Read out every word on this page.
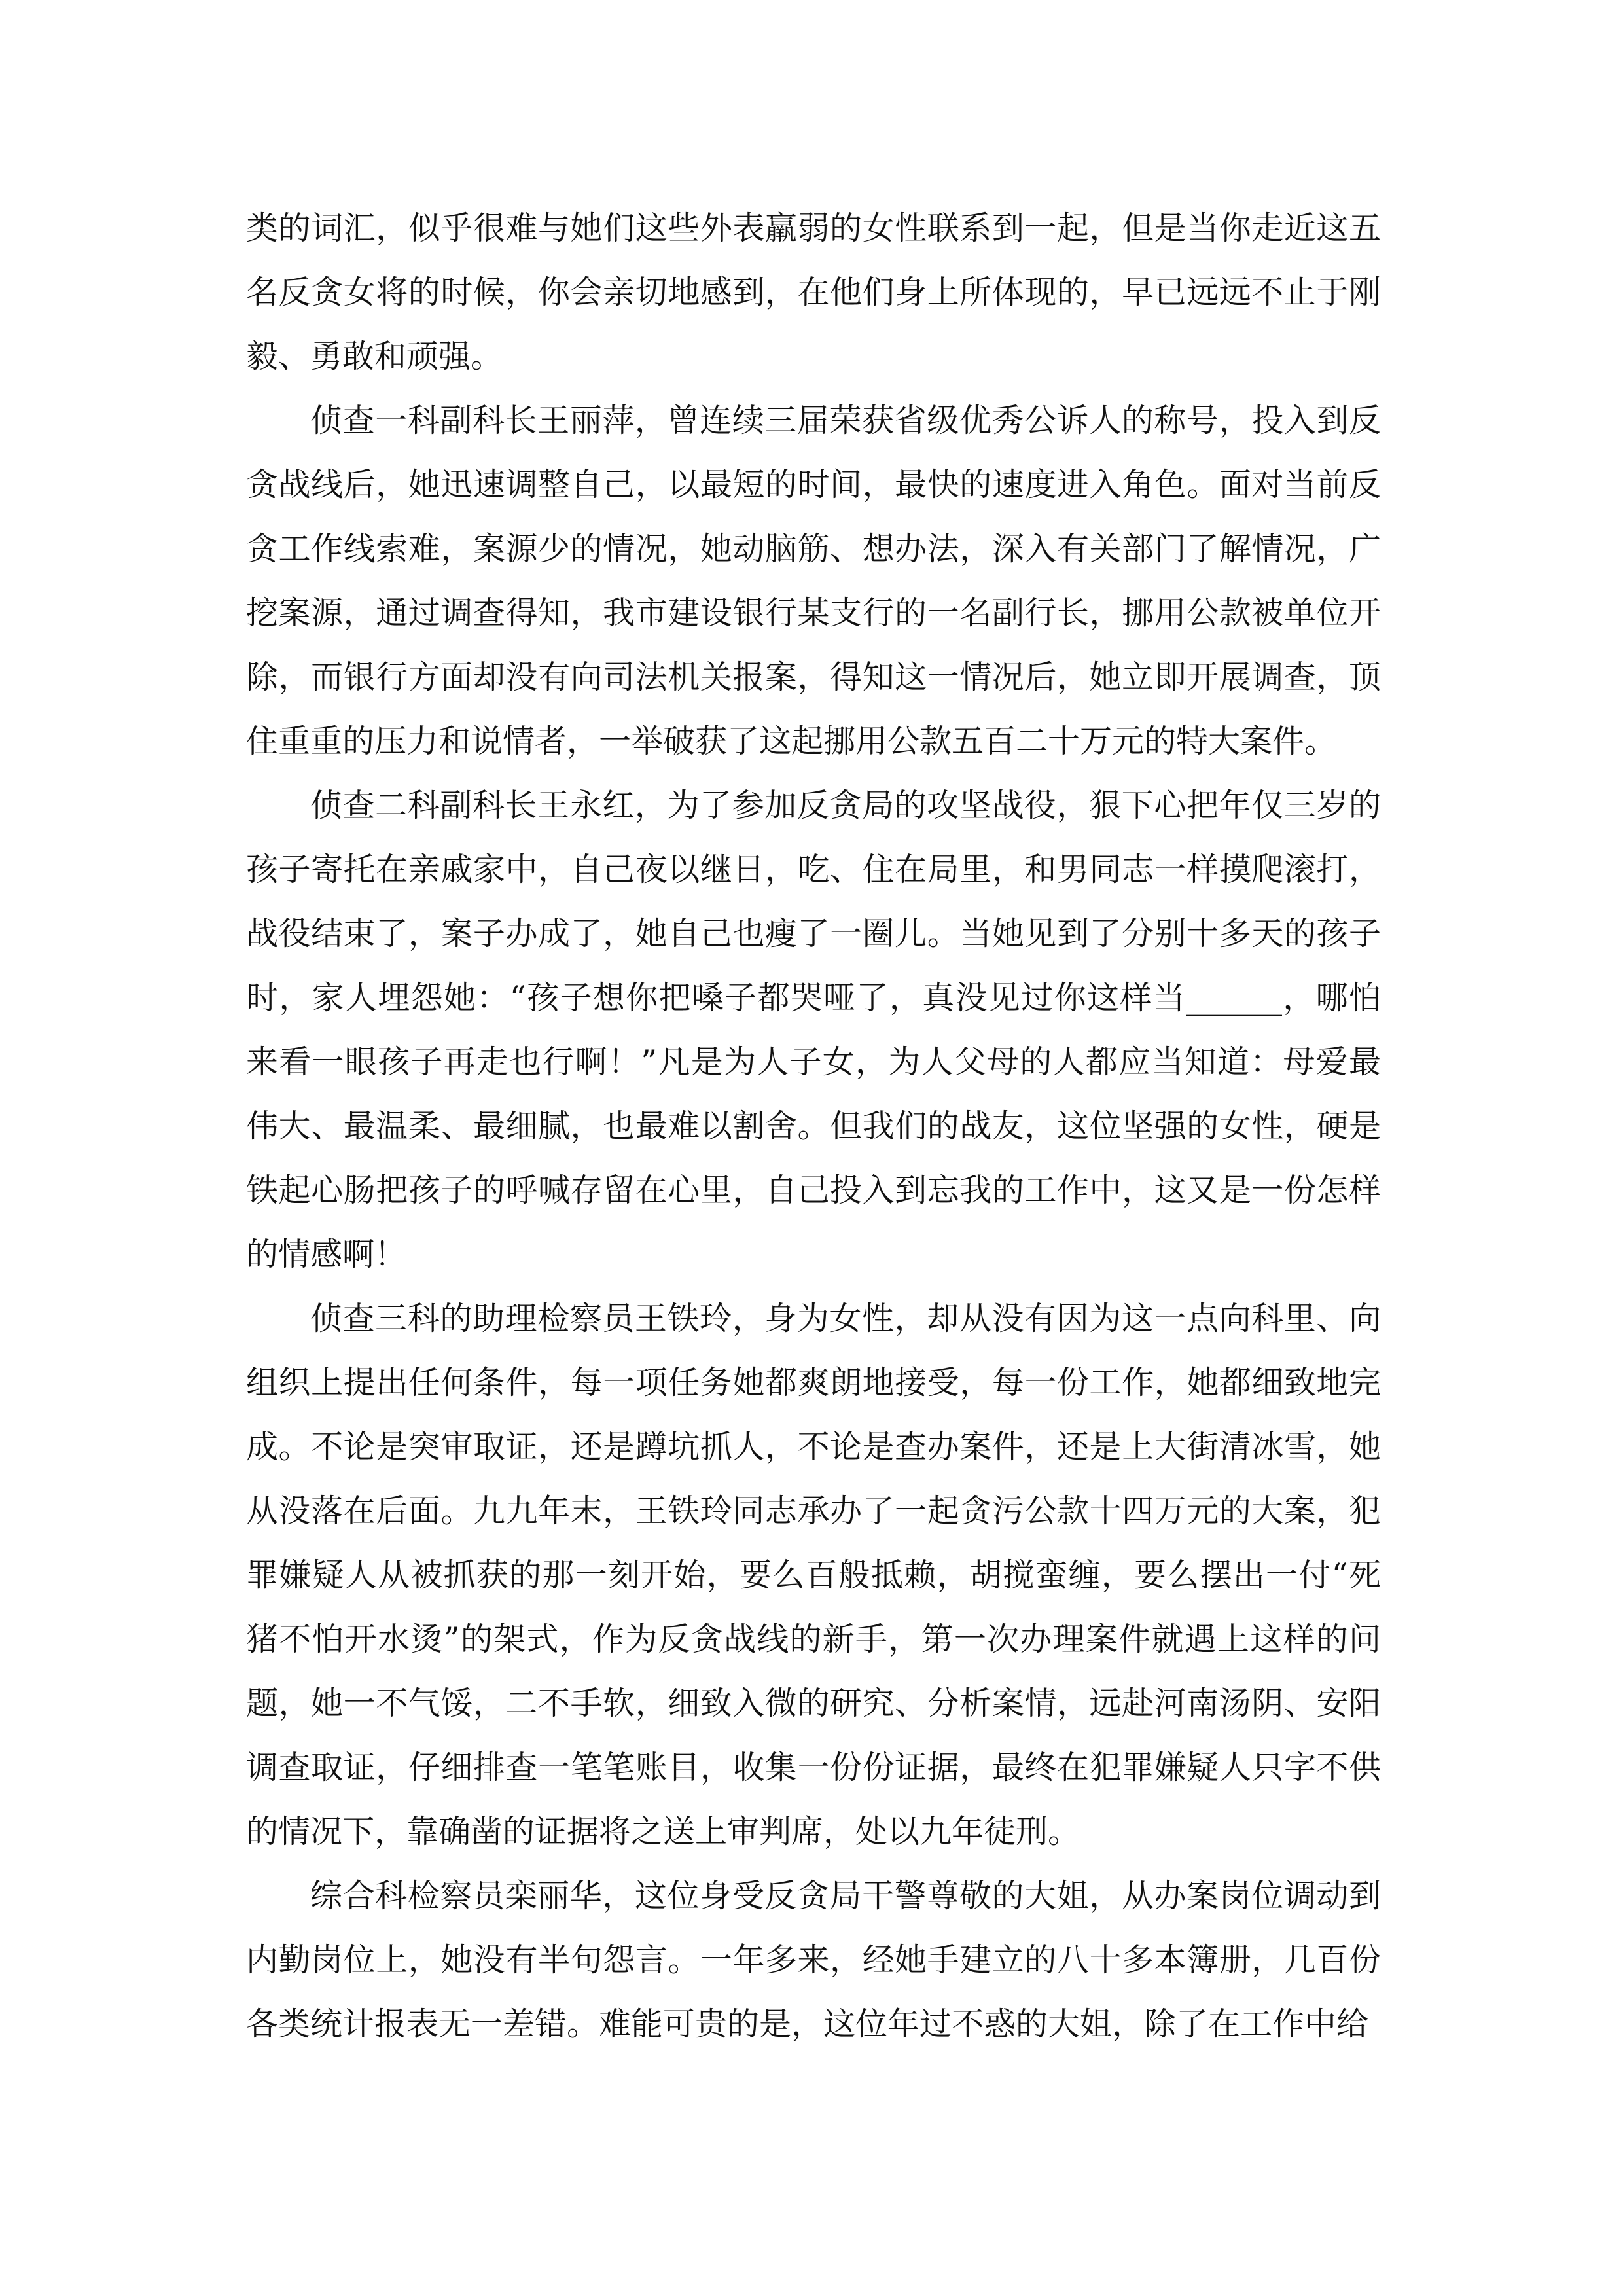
类的词汇，似乎很难与她们这些外表羸弱的女性联系到一起，但是当你走近这五名反贪女将的时候，你会亲切地感到，在他们身上所体现的，早已远远不止于刚毅、勇敢和顽强。

侦查一科副科长王丽萍，曾连续三届荣获省级优秀公诉人的称号，投入到反贪战线后，她迅速调整自己，以最短的时间，最快的速度进入角色。面对当前反贪工作线索难，案源少的情况，她动脑筋、想办法，深入有关部门了解情况，广挖案源，通过调查得知，我市建设银行某支行的一名副行长，挪用公款被单位开除，而银行方面却没有向司法机关报案，得知这一情况后，她立即开展调查，顶住重重的压力和说情者，一举破获了这起挪用公款五百二十万元的特大案件。

侦查二科副科长王永红，为了参加反贪局的攻坚战役，狠下心把年仅三岁的孩子寄托在亲戚家中，自己夜以继日，吃、住在局里，和男同志一样摸爬滚打，战役结束了，案子办成了，她自己也瘦了一圈儿。当她见到了分别十多天的孩子时，家人埋怨她：“孩子想你把嗓子都哭哑了，真没见过你这样当______，哪怕来看一眼孩子再走也行啊！”凡是为人子女，为人父母的人都应当知道：母爱最伟大、最温柔、最细腻，也最难以割舍。但我们的战友，这位坚强的女性，硬是铁起心肠把孩子的呼喊存留在心里，自己投入到忘我的工作中，这又是一份怎样的情感啊！

侦查三科的助理检察员王铁玲，身为女性，却从没有因为这一点向科里、向组织上提出任何条件，每一项任务她都爽朗地接受，每一份工作，她都细致地完成。不论是突审取证，还是蹲坑抓人，不论是查办案件，还是上大街清冰雪，她从没落在后面。九九年末，王铁玲同志承办了一起贪污公款十四万元的大案，犯罪嫌疑人从被抓获的那一刻开始，要么百般抵赖，胡搅蛮缠，要么摆出一付“死猪不怕开水烫”的架式，作为反贪战线的新手，第一次办理案件就遇上这样的问题，她一不气馁，二不手软，细致入微的研究、分析案情，远赴河南汤阴、安阳调查取证，仔细排查一笔笔账目，收集一份份证据，最终在犯罪嫌疑人只字不供的情况下，靠确凿的证据将之送上审判席，处以九年徒刑。

综合科检察员栾丽华，这位身受反贪局干警尊敬的大姐，从办案岗位调动到内勤岗位上，她没有半句怨言。一年多来，经她手建立的八十多本簿册，几百份各类统计报表无一差错。难能可贵的是，这位年过不惑的大姐，除了在工作中给
